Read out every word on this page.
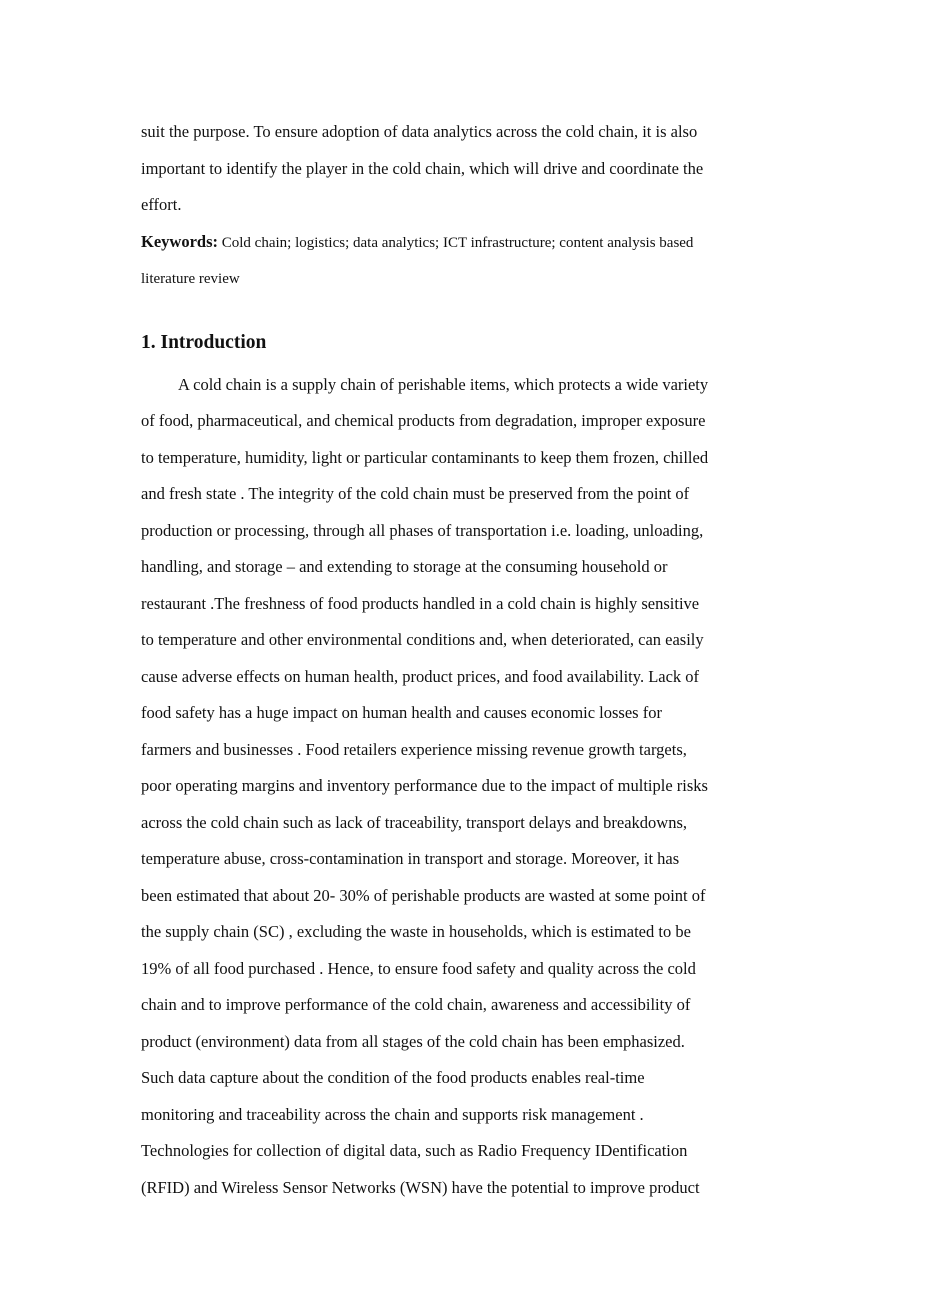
suit the purpose. To ensure adoption of data analytics across the cold chain, it is also
important to identify the player in the cold chain, which will drive and coordinate the
effort.
Keywords: Cold chain; logistics; data analytics; ICT infrastructure; content analysis based
literature review
1. Introduction
A cold chain is a supply chain of perishable items, which protects a wide variety
of food, pharmaceutical, and chemical products from degradation, improper exposure
to temperature, humidity, light or particular contaminants to keep them frozen, chilled
and fresh state . The integrity of the cold chain must be preserved from the point of
production or processing, through all phases of transportation i.e. loading, unloading,
handling, and storage – and extending to storage at the consuming household or
restaurant .The freshness of food products handled in a cold chain is highly sensitive
to temperature and other environmental conditions and, when deteriorated, can easily
cause adverse effects on human health, product prices, and food availability. Lack of
food safety has a huge impact on human health and causes economic losses for
farmers and businesses . Food retailers experience missing revenue growth targets,
poor operating margins and inventory performance due to the impact of multiple risks
across the cold chain such as lack of traceability, transport delays and breakdowns,
temperature abuse, cross-contamination in transport and storage. Moreover, it has
been estimated that about 20- 30% of perishable products are wasted at some point of
the supply chain (SC) , excluding the waste in households, which is estimated to be
19% of all food purchased . Hence, to ensure food safety and quality across the cold
chain and to improve performance of the cold chain, awareness and accessibility of
product (environment) data from all stages of the cold chain has been emphasized.
Such data capture about the condition of the food products enables real-time
monitoring and traceability across the chain and supports risk management .
Technologies for collection of digital data, such as Radio Frequency IDentification
(RFID) and Wireless Sensor Networks (WSN) have the potential to improve product
